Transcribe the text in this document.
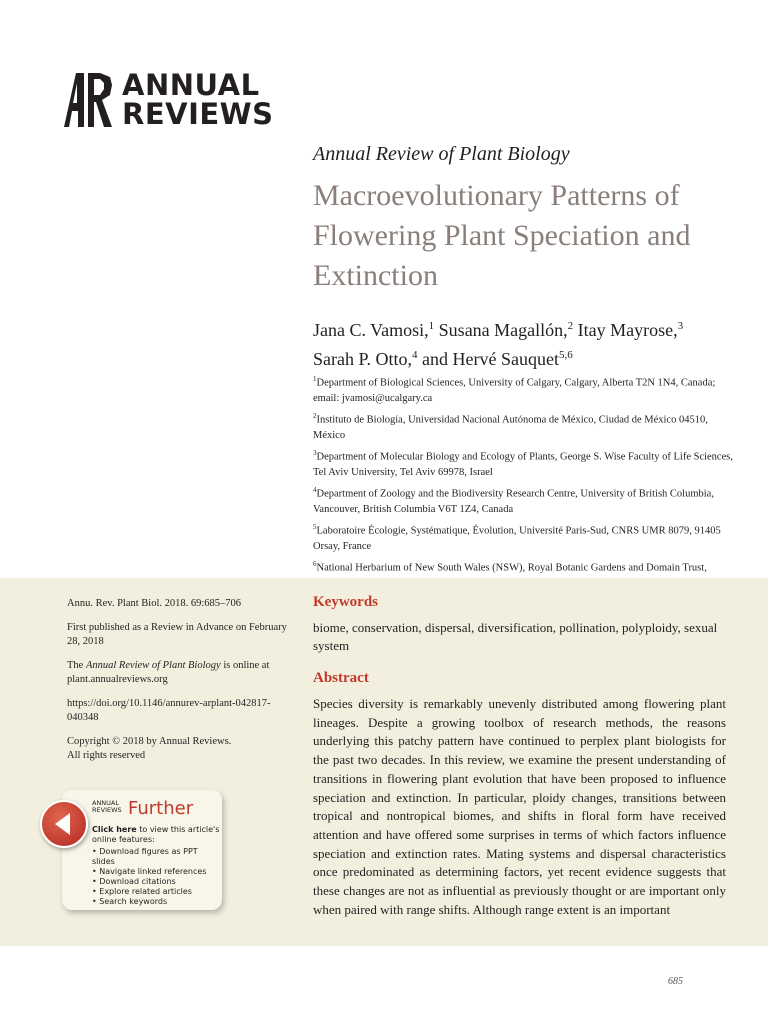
ANNUAL
REVIEWS
Annual Review of Plant Biology
Macroevolutionary Patterns of Flowering Plant Speciation and Extinction
Jana C. Vamosi,$^1$ Susana Magallón,$^2$ Itay Mayrose,$^3$
Sarah P. Otto,$^4$ and Hervé Sauquet$^{5,6}$

$^1$Department of Biological Sciences, University of Calgary, Calgary, Alberta T2N 1N4, Canada; email: jvamosi@ucalgary.ca

$^2$Instituto de Biología, Universidad Nacional Autónoma de México, Ciudad de México 04510, México

$^3$Department of Molecular Biology and Ecology of Plants, George S. Wise Faculty of Life Sciences, Tel Aviv University, Tel Aviv 69978, Israel

$^4$Department of Zoology and the Biodiversity Research Centre, University of British Columbia, Vancouver, British Columbia V6T 1Z4, Canada

$^5$Laboratoire Écologie, Systématique, Évolution, Université Paris-Sud, CNRS UMR 8079, 91405 Orsay, France

$^6$National Herbarium of New South Wales (NSW), Royal Botanic Gardens and Domain Trust,

Annu. Rev. Plant Biol. 2018. 69:685–706

First published as a Review in Advance on February 28, 2018

The Annual Review of Plant Biology is online at plant.annualreviews.org

https://doi.org/10.1146/annurev-arplant-042817-040348

Copyright © 2018 by Annual Reviews.
All rights reserved

ANNUAL
REVIEWS Further
Click here to view this article's online features:
• Download figures as PPT slides
• Navigate linked references
• Download citations
• Explore related articles
• Search keywords
Keywords

biome, conservation, dispersal, diversification, pollination, polyploidy, sexual system

Abstract

Species diversity is remarkably unevenly distributed among flowering plant lineages. Despite a growing toolbox of research methods, the reasons underlying this patchy pattern have continued to perplex plant biologists for the past two decades. In this review, we examine the present understanding of transitions in flowering plant evolution that have been proposed to influence speciation and extinction. In particular, ploidy changes, transitions between tropical and nontropical biomes, and shifts in floral form have received attention and have offered some surprises in terms of which factors influence speciation and extinction rates. Mating systems and dispersal characteristics once predominated as determining factors, yet recent evidence suggests that these changes are not as influential as previously thought or are important only when paired with range shifts. Although range extent is an important

685
